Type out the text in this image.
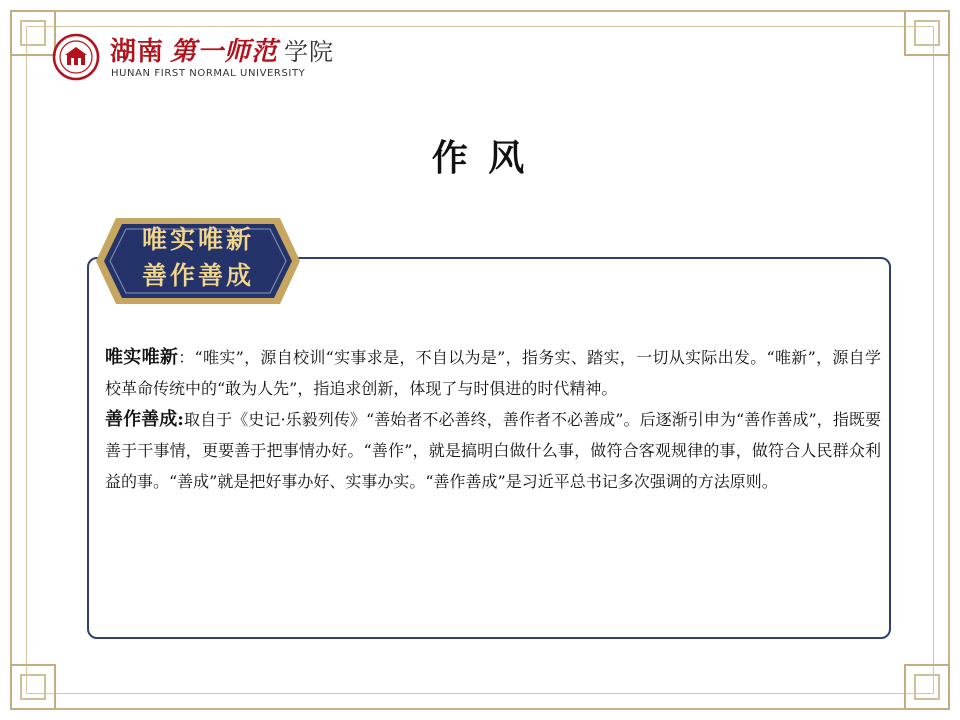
湖南 第一师范 学院
HUNAN FIRST NORMAL UNIVERSITY
作 风
唯实唯新
善作善成

唯实唯新：“唯实”，源自校训“实事求是，不自以为是”，指务实、踏实，一切从实际出发。“唯新”，源自学校革命传统中的“敢为人先”，指追求创新，体现了与时俱进的时代精神。

善作善成:取自于《史记·乐毅列传》“善始者不必善终，善作者不必善成”。后逐渐引申为“善作善成”，指既要善于干事情，更要善于把事情办好。“善作”，就是搞明白做什么事，做符合客观规律的事，做符合人民群众利益的事。“善成”就是把好事办好、实事办实。“善作善成”是习近平总书记多次强调的方法原则。
